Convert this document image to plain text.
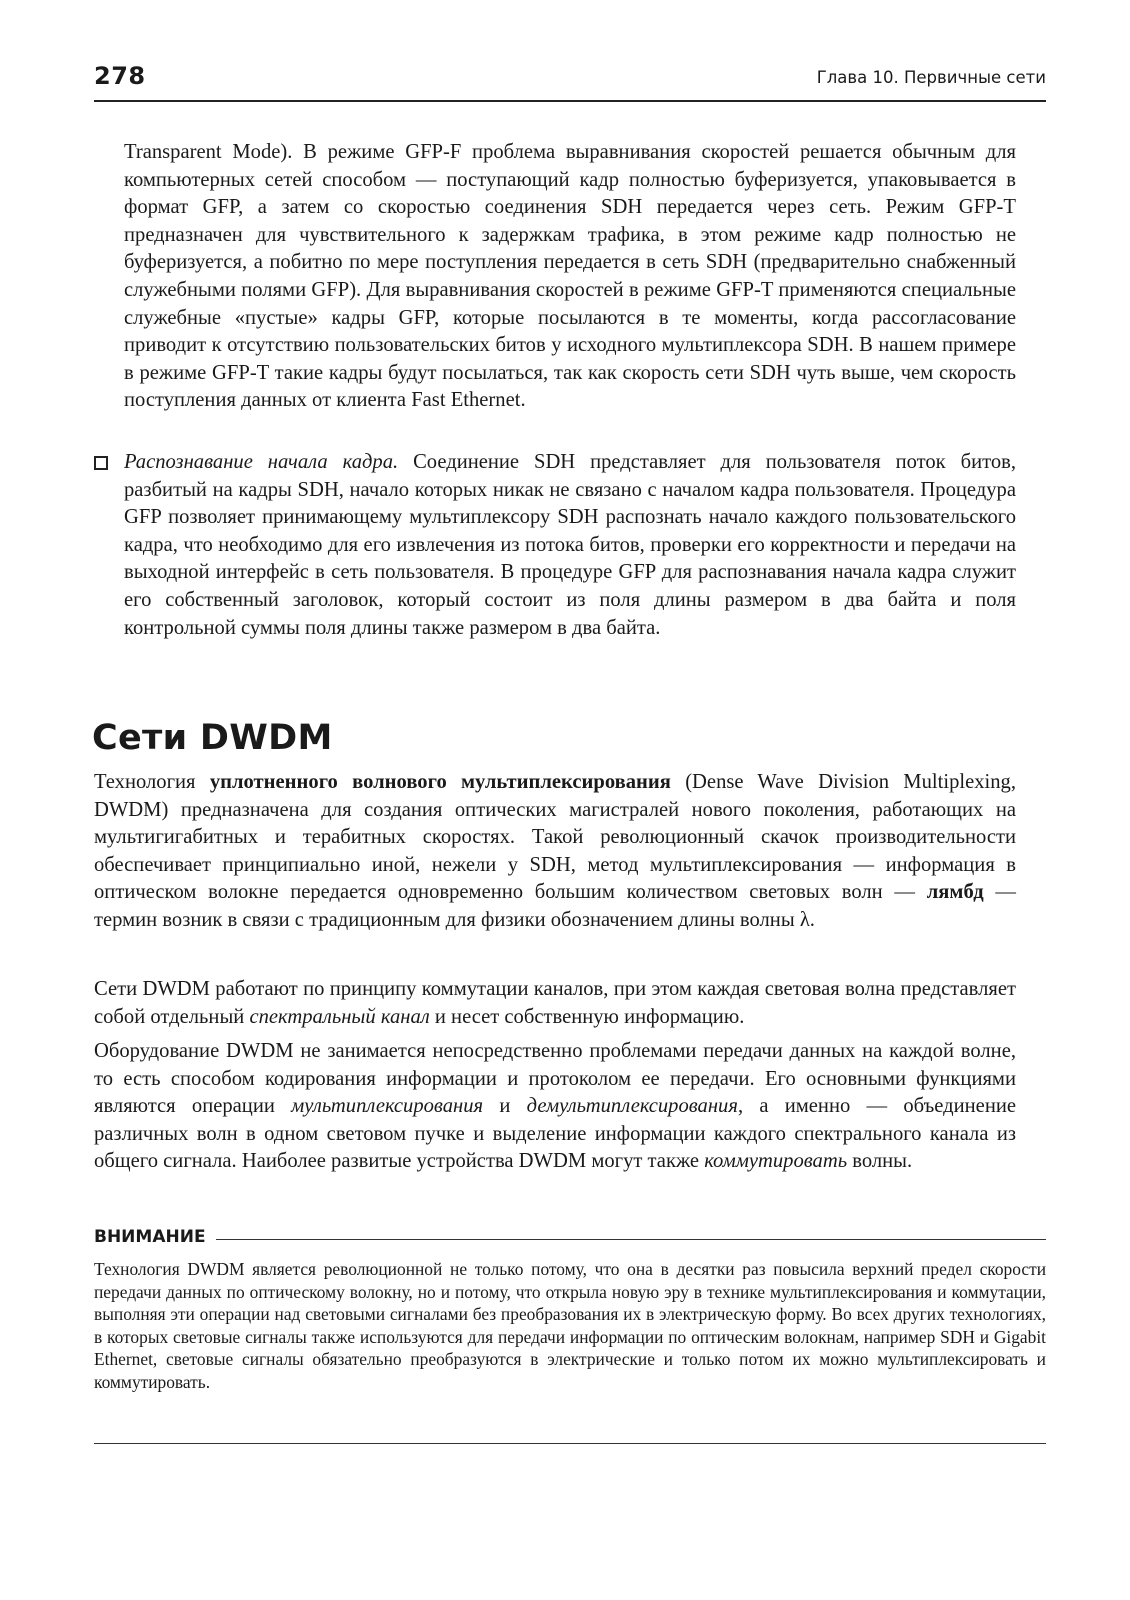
278	Глава 10. Первичные сети

Transparent Mode). В режиме GFP-F проблема выравнивания скоростей решается обычным для компьютерных сетей способом — поступающий кадр полностью буферизуется, упаковывается в формат GFP, а затем со скоростью соединения SDH передается через сеть. Режим GFP-T предназначен для чувствительного к задержкам трафика, в этом режиме кадр полностью не буферизуется, а побитно по мере поступления передается в сеть SDH (предварительно снабженный служебными полями GFP). Для выравнивания скоростей в режиме GFP-T применяются специальные служебные «пустые» кадры GFP, которые посылаются в те моменты, когда рассогласование приводит к отсутствию пользовательских битов у исходного мультиплексора SDH. В нашем примере в режиме GFP-T такие кадры будут посылаться, так как скорость сети SDH чуть выше, чем скорость поступления данных от клиента Fast Ethernet.

Распознавание начала кадра. Соединение SDH представляет для пользователя поток битов, разбитый на кадры SDH, начало которых никак не связано с началом кадра пользователя. Процедура GFP позволяет принимающему мультиплексору SDH распознать начало каждого пользовательского кадра, что необходимо для его извлечения из потока битов, проверки его корректности и передачи на выходной интерфейс в сеть пользователя. В процедуре GFP для распознавания начала кадра служит его собственный заголовок, который состоит из поля длины размером в два байта и поля контрольной суммы поля длины также размером в два байта.

Сети DWDM

Технология уплотненного волнового мультиплексирования (Dense Wave Division Multiplexing, DWDM) предназначена для создания оптических магистралей нового поколения, работающих на мультигигабитных и терабитных скоростях. Такой революционный скачок производительности обеспечивает принципиально иной, нежели у SDH, метод мультиплексирования — информация в оптическом волокне передается одновременно большим количеством световых волн — лямбд — термин возник в связи с традиционным для физики обозначением длины волны λ.

Сети DWDM работают по принципу коммутации каналов, при этом каждая световая волна представляет собой отдельный спектральный канал и несет собственную информацию.

Оборудование DWDM не занимается непосредственно проблемами передачи данных на каждой волне, то есть способом кодирования информации и протоколом ее передачи. Его основными функциями являются операции мультиплексирования и демультиплексирования, а именно — объединение различных волн в одном световом пучке и выделение информации каждого спектрального канала из общего сигнала. Наиболее развитые устройства DWDM могут также коммутировать волны.

ВНИМАНИЕ

Технология DWDM является революционной не только потому, что она в десятки раз повысила верхний предел скорости передачи данных по оптическому волокну, но и потому, что открыла новую эру в технике мультиплексирования и коммутации, выполняя эти операции над световыми сигналами без преобразования их в электрическую форму. Во всех других технологиях, в которых световые сигналы также используются для передачи информации по оптическим волокнам, например SDH и Gigabit Ethernet, световые сигналы обязательно преобразуются в электрические и только потом их можно мультиплексировать и коммутировать.
